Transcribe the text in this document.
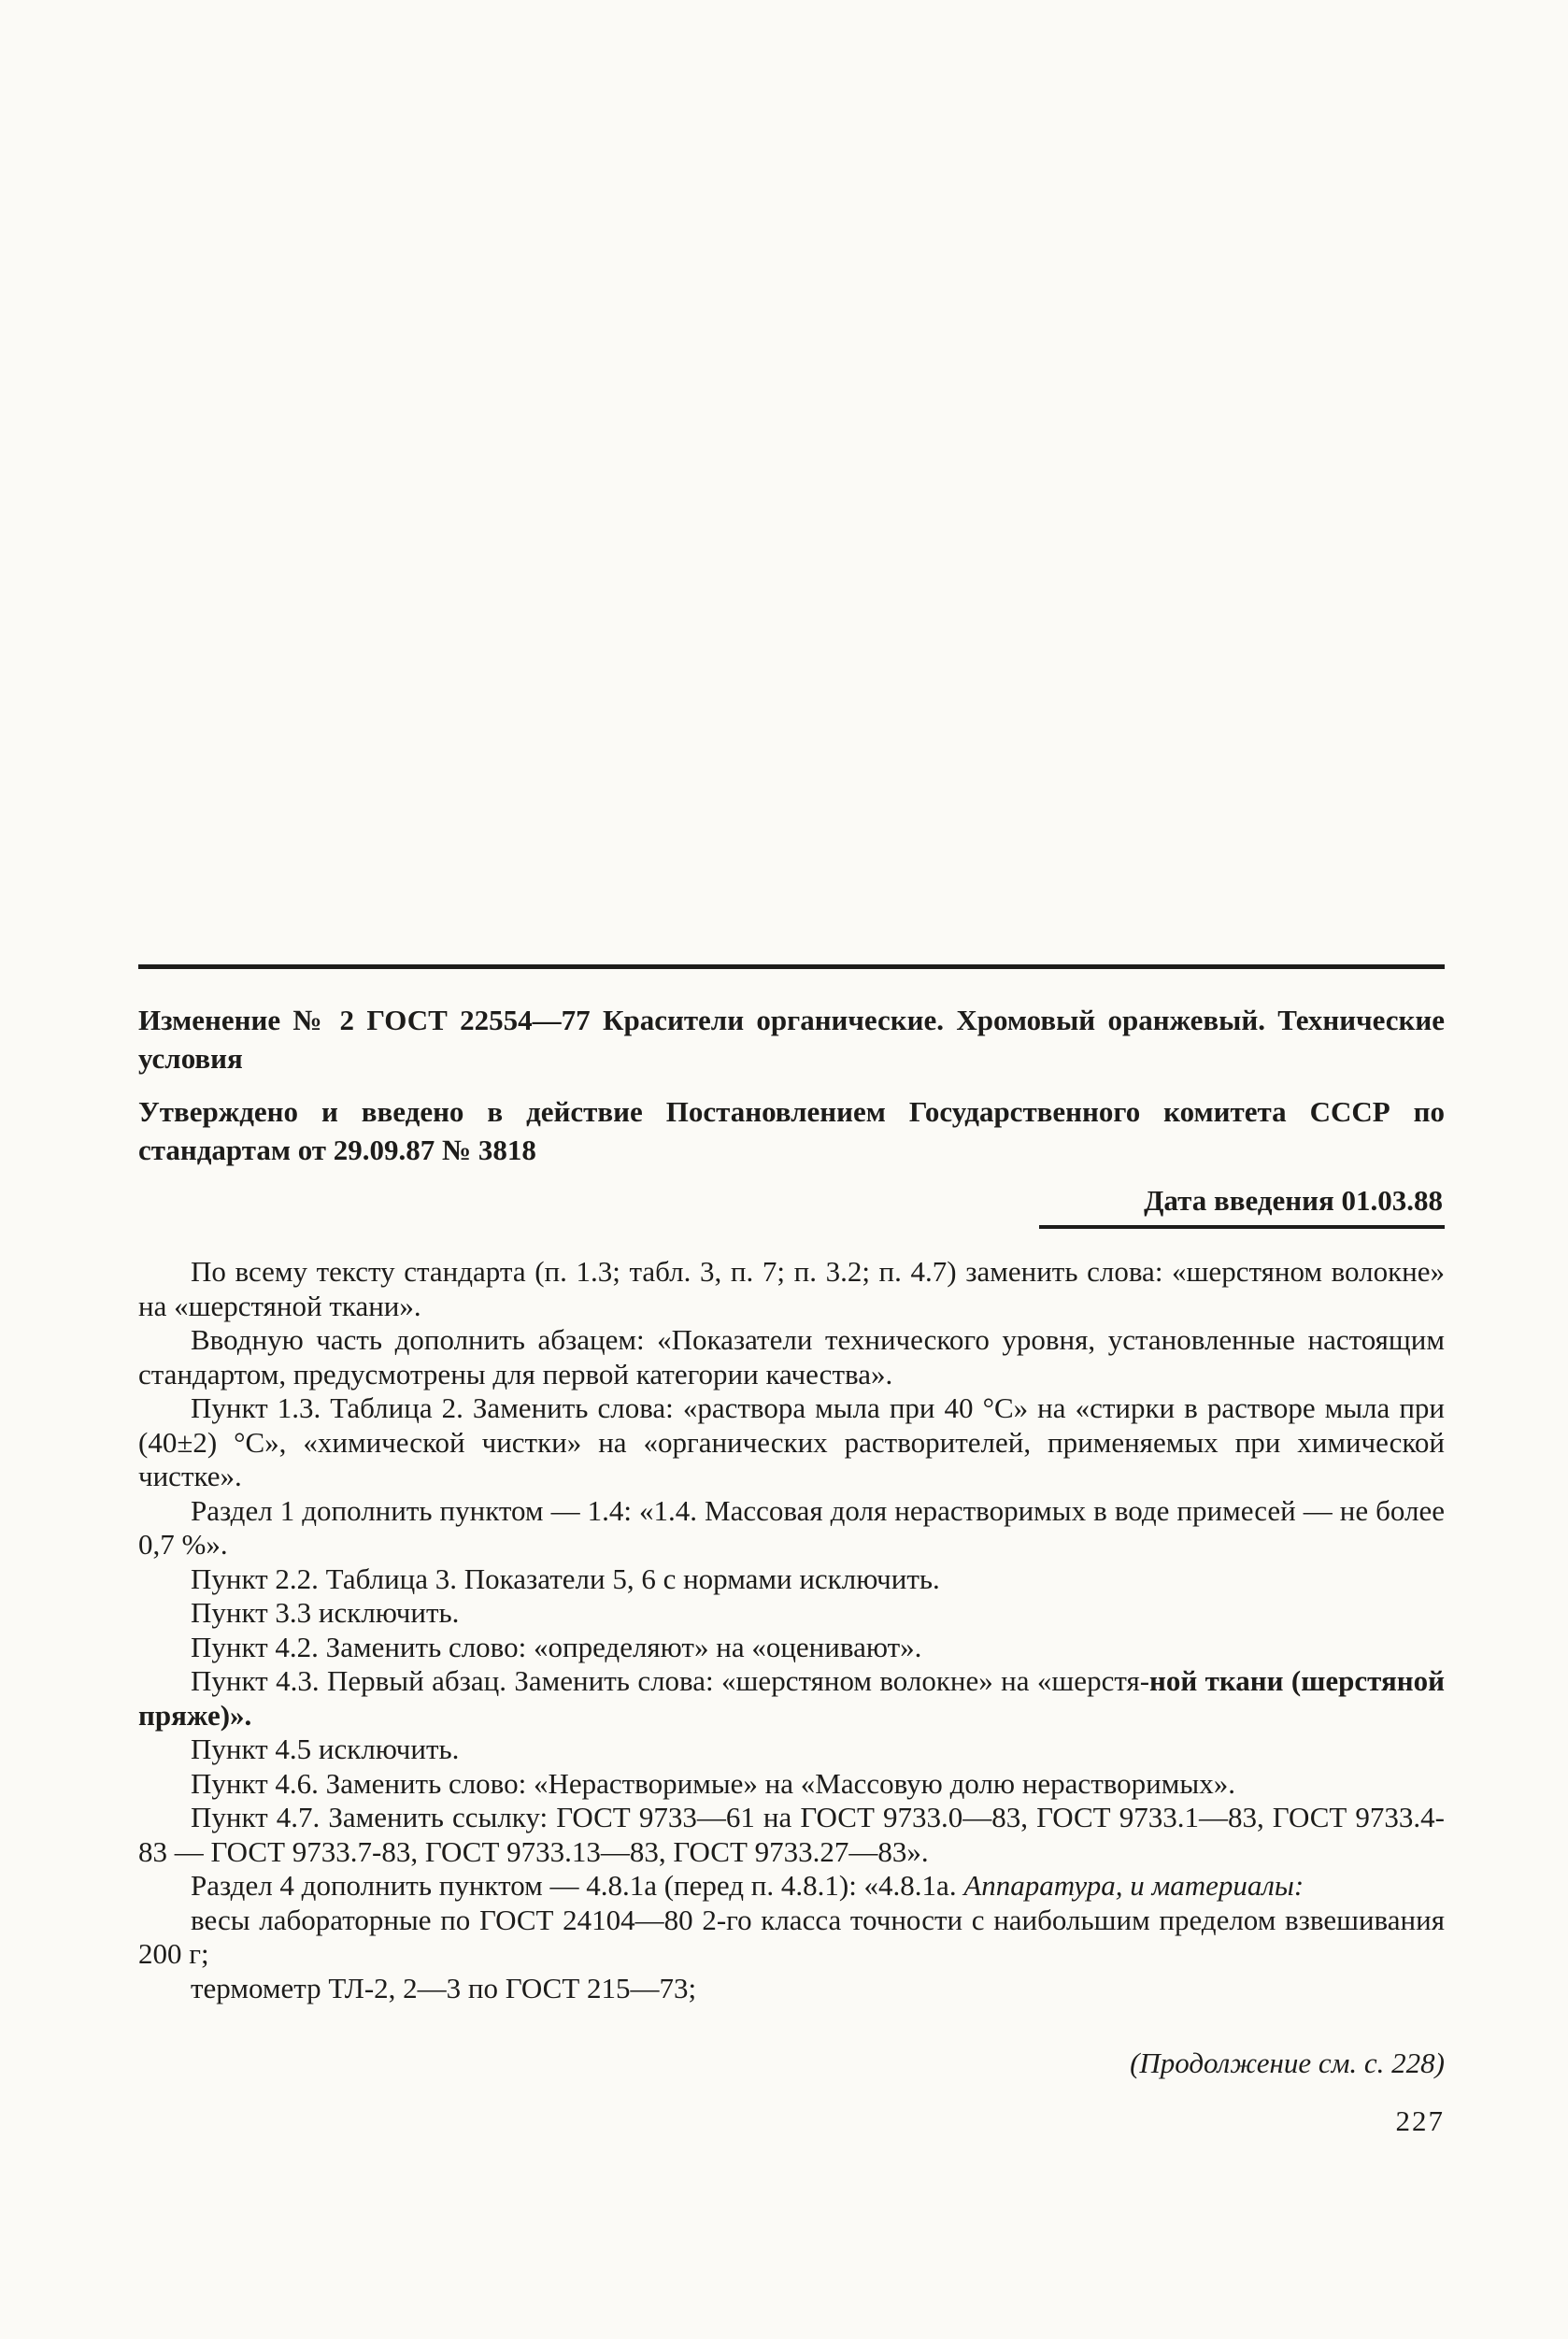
Изменение № 2 ГОСТ 22554—77 Красители органические. Хромовый оранжевый. Технические условия
Утверждено и введено в действие Постановлением Государственного комитета СССР по стандартам от 29.09.87 № 3818
Дата введения 01.03.88

По всему тексту стандарта (п. 1.3; табл. 3, п. 7; п. 3.2; п. 4.7) заменить слова: «шерстяном волокне» на «шерстяной ткани».

Вводную часть дополнить абзацем: «Показатели технического уровня, установленные настоящим стандартом, предусмотрены для первой категории качества».

Пункт 1.3. Таблица 2. Заменить слова: «раствора мыла при 40 °С» на «стирки в растворе мыла при (40±2) °С», «химической чистки» на «органических растворителей, применяемых при химической чистке».

Раздел 1 дополнить пунктом — 1.4: «1.4. Массовая доля нерастворимых в воде примесей — не более 0,7 %».

Пункт 2.2. Таблица 3. Показатели 5, 6 с нормами исключить.

Пункт 3.3 исключить.

Пункт 4.2. Заменить слово: «определяют» на «оценивают».

Пункт 4.3. Первый абзац. Заменить слова: «шерстяном волокне» на «шерстя-ной ткани (шерстяной пряже)».

Пункт 4.5 исключить.

Пункт 4.6. Заменить слово: «Нерастворимые» на «Массовую долю нерастворимых».

Пункт 4.7. Заменить ссылку: ГОСТ 9733—61 на ГОСТ 9733.0—83, ГОСТ 9733.1—83, ГОСТ 9733.4-83 — ГОСТ 9733.7-83, ГОСТ 9733.13—83, ГОСТ 9733.27—83».

Раздел 4 дополнить пунктом — 4.8.1а (перед п. 4.8.1): «4.8.1а. Аппаратура, и материалы:

весы лабораторные по ГОСТ 24104—80 2-го класса точности с наибольшим пределом взвешивания 200 г;

термометр ТЛ-2, 2—3 по ГОСТ 215—73;

(Продолжение см. с. 228)
227
